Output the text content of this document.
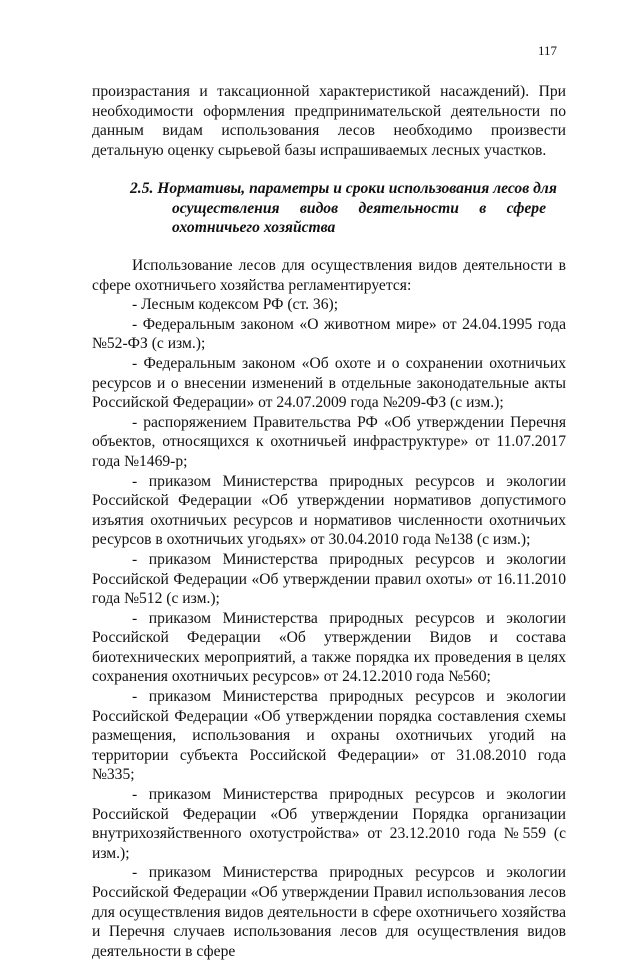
117

произрастания и таксационной характеристикой насаждений). При необходимости оформления предпринимательской деятельности по данным видам использования лесов необходимо произвести детальную оценку сырьевой базы испрашиваемых лесных участков.

2.5. Нормативы, параметры и сроки использования лесов для
осуществления видов деятельности в сфере охотничьего хозяйства

Использование лесов для осуществления видов деятельности в сфере охотничьего хозяйства регламентируется:

- Лесным кодексом РФ (ст. 36);

- Федеральным законом «О животном мире» от 24.04.1995 года №52-ФЗ (с изм.);

- Федеральным законом «Об охоте и о сохранении охотничьих ресурсов и о внесении изменений в отдельные законодательные акты Российской Федерации» от 24.07.2009 года №209-ФЗ (с изм.);

- распоряжением Правительства РФ «Об утверждении Перечня объектов, относящихся к охотничьей инфраструктуре» от 11.07.2017 года №1469-р;

- приказом Министерства природных ресурсов и экологии Российской Федерации «Об утверждении нормативов допустимого изъятия охотничьих ресурсов и нормативов численности охотничьих ресурсов в охотничьих угодьях» от 30.04.2010 года №138 (с изм.);

- приказом Министерства природных ресурсов и экологии Российской Федерации «Об утверждении правил охоты» от 16.11.2010 года №512 (с изм.);

- приказом Министерства природных ресурсов и экологии Российской Федерации «Об утверждении Видов и состава биотехнических мероприятий, а также порядка их проведения в целях сохранения охотничьих ресурсов» от 24.12.2010 года №560;

- приказом Министерства природных ресурсов и экологии Российской Федерации «Об утверждении порядка составления схемы размещения, использования и охраны охотничьих угодий на территории субъекта Российской Федерации» от 31.08.2010 года №335;

- приказом Министерства природных ресурсов и экологии Российской Федерации «Об утверждении Порядка организации внутрихозяйственного охотустройства» от 23.12.2010 года №559 (с изм.);

- приказом Министерства природных ресурсов и экологии Российской Федерации «Об утверждении Правил использования лесов для осуществления видов деятельности в сфере охотничьего хозяйства и Перечня случаев использования лесов для осуществления видов деятельности в сфере
